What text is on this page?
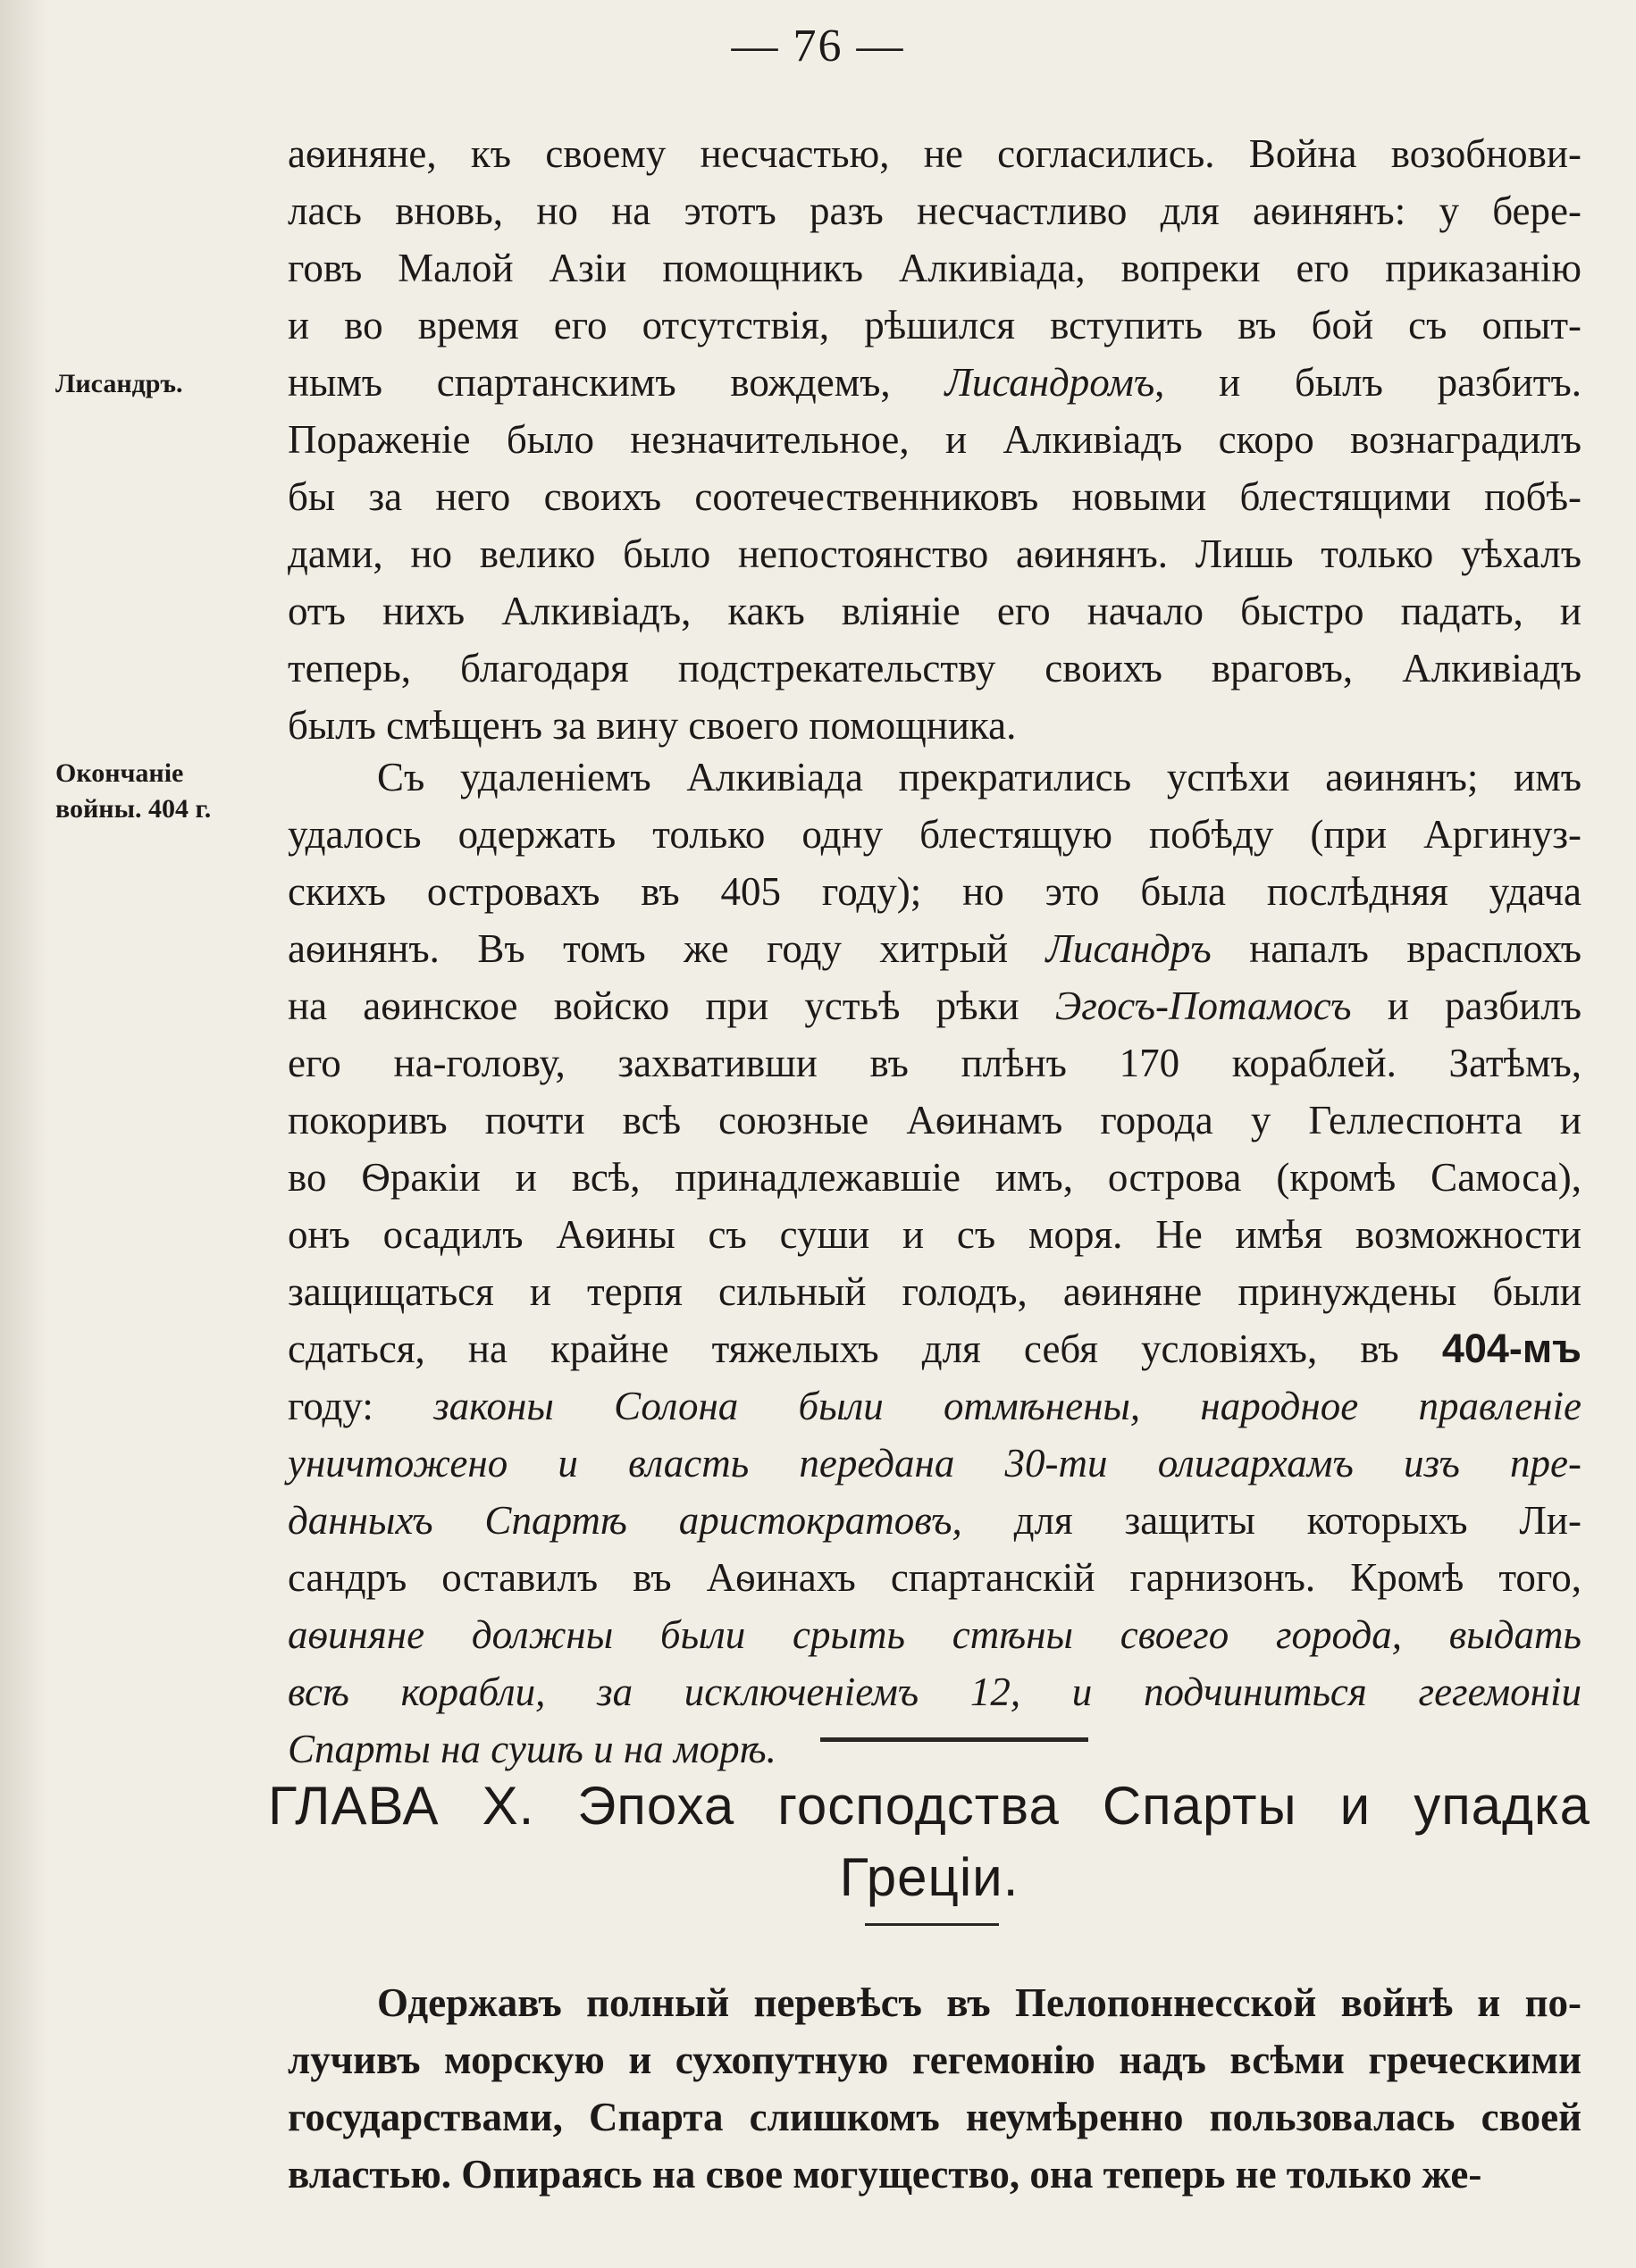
— 76 —
аѳиняне, къ своему несчастью, не согласились. Война возобнови-
лась вновь, но на этотъ разъ несчастливо для аѳинянъ: у бере-
говъ Малой Азіи помощникъ Алкивіада, вопреки его приказанію
и во время его отсутствія, рѣшился вступить въ бой съ опыт-
нымъ спартанскимъ вождемъ, Лисандромъ, и былъ разбитъ.
Пораженіе было незначительное, и Алкивіадъ скоро вознаградилъ
бы за него своихъ соотечественниковъ новыми блестящими побѣ-
дами, но велико было непостоянство аѳинянъ. Лишь только уѣхалъ
отъ нихъ Алкивіадъ, какъ вліяніе его начало быстро падать, и
теперь, благодаря подстрекательству своихъ враговъ, Алкивіадъ
былъ смѣщенъ за вину своего помощника.
Лисандръ.
Съ удаленіемъ Алкивіада прекратились успѣхи аѳинянъ; имъ
удалось одержать только одну блестящую побѣду (при Аргинуз-
скихъ островахъ въ 405 году); но это была послѣдняя удача
аѳинянъ. Въ томъ же году хитрый Лисандръ напалъ врасплохъ
на аѳинское войско при устьѣ рѣки Эгосъ-Потамосъ и разбилъ
его на-голову, захвативши въ плѣнъ 170 кораблей. Затѣмъ,
покоривъ почти всѣ союзные Аѳинамъ города у Геллеспонта и
во Ѳракіи и всѣ, принадлежавшіе имъ, острова (кромѣ Самоса),
онъ осадилъ Аѳины съ суши и съ моря. Не имѣя возможности
защищаться и терпя сильный голодъ, аѳиняне принуждены были
сдаться, на крайне тяжелыхъ для себя условіяхъ, въ 404-мъ
году: законы Солона были отмѣнены, народное правленіе
уничтожено и власть передана 30-ти олигархамъ изъ пре-
данныхъ Спартѣ аристократовъ, для защиты которыхъ Ли-
сандръ оставилъ въ Аѳинахъ спартанскій гарнизонъ. Кромѣ того,
аѳиняне должны были срыть стѣны своего города, выдать
всѣ корабли, за исключеніемъ 12, и подчиниться гегемоніи
Спарты на сушѣ и на морѣ.
Окончаніе
войны. 404 г.
ГЛАВА X. Эпоха господства Спарты и упадка
Греціи.
Одержавъ полный перевѣсъ въ Пелопоннесской войнѣ и по-
лучивъ морскую и сухопутную гегемонію надъ всѣми греческими
государствами, Спарта слишкомъ неумѣренно пользовалась своей
властью. Опираясь на свое могущество, она теперь не только же-
